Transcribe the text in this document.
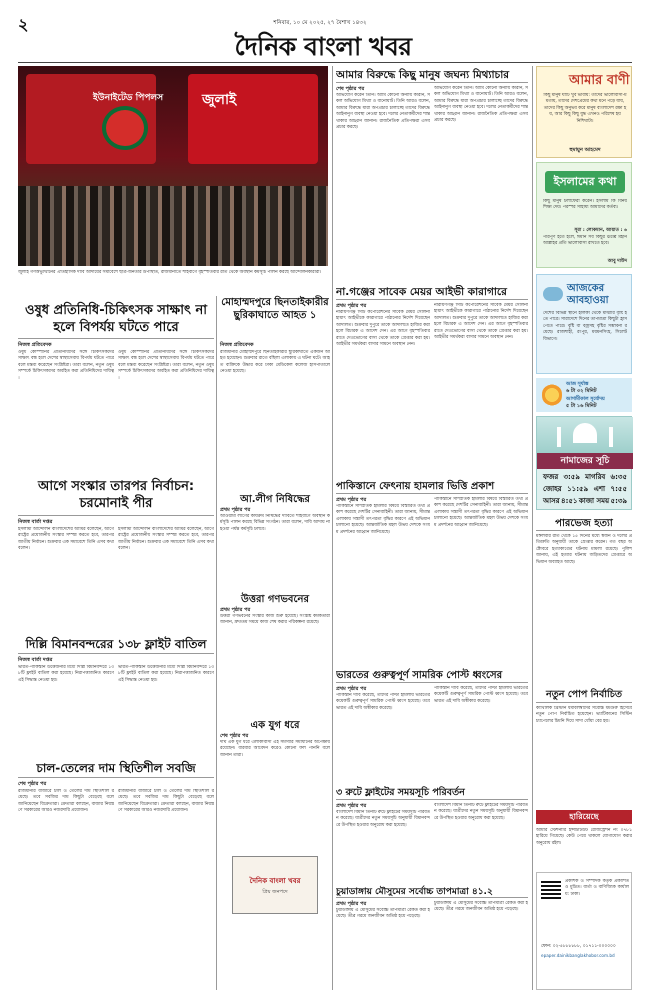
২	শনিবার, ১০ মে ২০২৫, ২৭ বৈশাখ ১৪৩২
দৈনিক বাংলা খবর
জুলাই
ইউনাইটেড পিপলস
জুলাই গণঅভ্যুত্থানের ঐতিহাসিক দাবি আদায়ের সমাবেশে ছাত্র-জনতার উপস্থিতি, রাজধানীতে শাহবাগে বৃহস্পতিবার রাত থেকে অবস্থান কর্মসূচি পালন করছে আন্দোলনকারীরা।
আমার বিরুদ্ধে কিছু মানুষ জঘন্য মিথ্যাচার
শেষ পৃষ্ঠার পর
অভিযোগ করেন তিনি। আমি কোনো অন্যায় করিনি, সকল অভিযোগ মিথ্যা ও বানোয়াট। তিনি আরও বলেন, আমার বিরুদ্ধে যারা অপপ্রচার চালাচ্ছে তাদের বিরুদ্ধে আইনানুগ ব্যবস্থা নেওয়া হবে। দলের নেতাকর্মীদের শান্ত থাকার আহ্বান জানান। রাজনৈতিক প্রতিপক্ষরা এসব প্রচার করছে।
অভিযোগ করেন তিনি। আমি কোনো অন্যায় করিনি, সকল অভিযোগ মিথ্যা ও বানোয়াট। তিনি আরও বলেন, আমার বিরুদ্ধে যারা অপপ্রচার চালাচ্ছে তাদের বিরুদ্ধে আইনানুগ ব্যবস্থা নেওয়া হবে। দলের নেতাকর্মীদের শান্ত থাকার আহ্বান জানান। রাজনৈতিক প্রতিপক্ষরা এসব প্রচার করছে।
না.গঞ্জের সাবেক মেয়র আইভী কারাগারে
প্রথম পৃষ্ঠার পর
নারায়ণগঞ্জ সিটি কর্পোরেশনের সাবেক মেয়র সেলিনা হায়াৎ আইভীকে কারাগারে পাঠানোর নির্দেশ দিয়েছেন আদালত। শুক্রবার দুপুরে তাকে আদালতে হাজির করা হলে বিচারক এ আদেশ দেন। এর আগে বৃহস্পতিবার রাতে দেওভোগের বাসা থেকে তাকে গ্রেপ্তার করা হয়। আইভীর সমর্থকরা বাসার সামনে অবস্থান নেন।
নারায়ণগঞ্জ সিটি কর্পোরেশনের সাবেক মেয়র সেলিনা হায়াৎ আইভীকে কারাগারে পাঠানোর নির্দেশ দিয়েছেন আদালত। শুক্রবার দুপুরে তাকে আদালতে হাজির করা হলে বিচারক এ আদেশ দেন। এর আগে বৃহস্পতিবার রাতে দেওভোগের বাসা থেকে তাকে গ্রেপ্তার করা হয়। আইভীর সমর্থকরা বাসার সামনে অবস্থান নেন।
ওষুধ প্রতিনিধি-চিকিৎসক সাক্ষাৎ না হলে বিপর্যয় ঘটতে পারে
নিজস্ব প্রতিবেদক
ওষুধ কোম্পানির প্রতিনিধিদের সঙ্গে চিকিৎসকদের সাক্ষাৎ বন্ধ হলে দেশের স্বাস্থ্যসেবায় বিপর্যয় ঘটতে পারে বলে মন্তব্য করেছেন সংশ্লিষ্টরা। তারা বলেন, নতুন ওষুধ সম্পর্কে চিকিৎসকদের অবহিত করা প্রতিনিধিদের দায়িত্ব।
ওষুধ কোম্পানির প্রতিনিধিদের সঙ্গে চিকিৎসকদের সাক্ষাৎ বন্ধ হলে দেশের স্বাস্থ্যসেবায় বিপর্যয় ঘটতে পারে বলে মন্তব্য করেছেন সংশ্লিষ্টরা। তারা বলেন, নতুন ওষুধ সম্পর্কে চিকিৎসকদের অবহিত করা প্রতিনিধিদের দায়িত্ব।
মোহাম্মদপুরে ছিনতাইকারীর ছুরিকাঘাতে আহত ১
নিজস্ব প্রতিবেদক
রাজধানীর মোহাম্মদপুরে ছিনতাইকারীর ছুরিকাঘাতে একজন আহত হয়েছেন। শুক্রবার রাতে বছিলা এলাকায় এ ঘটনা ঘটে। আহত ব্যক্তিকে উদ্ধার করে ঢাকা মেডিকেল কলেজ হাসপাতালে নেওয়া হয়েছে।
পাকিস্তানে ফেৎনায় হামলার ভিত্তি প্রকাশ
প্রথম পৃষ্ঠার পর
পাকিস্তানে সাম্প্রতিক হামলার বিষয়ে বিস্তারিত তথ্য প্রকাশ করেছে দেশটির সেনাবাহিনী। তারা জানায়, সীমান্ত এলাকায় সন্ত্রাসী তৎপরতা বৃদ্ধির কারণে এই অভিযান চালানো হয়েছে। আন্তর্জাতিক মহল উভয় দেশকে সংযম প্রদর্শনের আহ্বান জানিয়েছে।
পাকিস্তানে সাম্প্রতিক হামলার বিষয়ে বিস্তারিত তথ্য প্রকাশ করেছে দেশটির সেনাবাহিনী। তারা জানায়, সীমান্ত এলাকায় সন্ত্রাসী তৎপরতা বৃদ্ধির কারণে এই অভিযান চালানো হয়েছে। আন্তর্জাতিক মহল উভয় দেশকে সংযম প্রদর্শনের আহ্বান জানিয়েছে।
আগে সংস্কার তারপর নির্বাচন: চরমোনাই পীর
নিজস্ব বার্তা দপ্তর
ইসলামী আন্দোলন বাংলাদেশের আমির বলেছেন, আগে রাষ্ট্রের প্রয়োজনীয় সংস্কার সম্পন্ন করতে হবে, তারপর জাতীয় নির্বাচন। শুক্রবার এক সমাবেশে তিনি এসব কথা বলেন।
ইসলামী আন্দোলন বাংলাদেশের আমির বলেছেন, আগে রাষ্ট্রের প্রয়োজনীয় সংস্কার সম্পন্ন করতে হবে, তারপর জাতীয় নির্বাচন। শুক্রবার এক সমাবেশে তিনি এসব কথা বলেন।
আ.লীগ নিষিদ্ধের
প্রথম পৃষ্ঠার পর
আওয়ামী লীগের কার্যক্রম নিষিদ্ধের দাবিতে শাহবাগে অবস্থান কর্মসূচি পালন করছে বিভিন্ন সংগঠন। তারা বলেন, দাবি আদায় না হওয়া পর্যন্ত কর্মসূচি চলবে।
উত্তরা গণভবনের
প্রথম পৃষ্ঠার পর
উত্তরা গণভবনের সংস্কার কাজ শুরু হয়েছে। সংশ্লিষ্ট কর্মকর্তারা জানান, দ্রুততম সময়ে কাজ শেষ করার পরিকল্পনা রয়েছে।
ভারতের গুরুত্বপূর্ণ সামরিক পোস্ট ধ্বংসের
প্রথম পৃষ্ঠার পর
পাকিস্তান দাবি করেছে, তাদের পাল্টা হামলায় ভারতের কয়েকটি গুরুত্বপূর্ণ সামরিক পোস্ট ধ্বংস হয়েছে। তবে ভারত এই দাবি অস্বীকার করেছে।
পাকিস্তান দাবি করেছে, তাদের পাল্টা হামলায় ভারতের কয়েকটি গুরুত্বপূর্ণ সামরিক পোস্ট ধ্বংস হয়েছে। তবে ভারত এই দাবি অস্বীকার করেছে।
দিল্লি বিমানবন্দরের ১৩৮ ফ্লাইট বাতিল
নিজস্ব বার্তা দপ্তর
ভারত-পাকিস্তান উত্তেজনার মধ্যে দিল্লি বিমানবন্দরে ১৩৮টি ফ্লাইট বাতিল করা হয়েছে। নিরাপত্তাজনিত কারণে এই সিদ্ধান্ত নেওয়া হয়।
ভারত-পাকিস্তান উত্তেজনার মধ্যে দিল্লি বিমানবন্দরে ১৩৮টি ফ্লাইট বাতিল করা হয়েছে। নিরাপত্তাজনিত কারণে এই সিদ্ধান্ত নেওয়া হয়।
এক যুগ ধরে
শেষ পৃষ্ঠার পর
দীর্ঘ এক যুগ ধরে এলাকাবাসী এই সমস্যার সমাধানের অপেক্ষায় রয়েছেন। বারবার আবেদন করেও কোনো ফল পাননি বলে জানান তারা।
৩ রুটে ফ্লাইটের সময়সূচি পরিবর্তন
প্রথম পৃষ্ঠার পর
বাংলাদেশ বিমান তিনটি রুটে ফ্লাইটের সময়সূচি পরিবর্তন করেছে। যাত্রীদের নতুন সময়সূচি অনুযায়ী বিমানবন্দরে উপস্থিত হওয়ার অনুরোধ করা হয়েছে।
বাংলাদেশ বিমান তিনটি রুটে ফ্লাইটের সময়সূচি পরিবর্তন করেছে। যাত্রীদের নতুন সময়সূচি অনুযায়ী বিমানবন্দরে উপস্থিত হওয়ার অনুরোধ করা হয়েছে।
চুয়াডাঙ্গায় মৌসুমের সর্বোচ্চ তাপমাত্রা ৪১.২
প্রথম পৃষ্ঠার পর
চুয়াডাঙ্গায় এ মৌসুমের সর্বোচ্চ তাপমাত্রা রেকর্ড করা হয়েছে। তীব্র গরমে জনজীবন অতিষ্ঠ হয়ে পড়েছে।
চুয়াডাঙ্গায় এ মৌসুমের সর্বোচ্চ তাপমাত্রা রেকর্ড করা হয়েছে। তীব্র গরমে জনজীবন অতিষ্ঠ হয়ে পড়েছে।
চাল-তেলের দাম স্থিতিশীল সবজি
শেষ পৃষ্ঠার পর
রাজধানীর বাজারে চাল ও তেলের দাম স্থিতিশীল রয়েছে। তবে সবজির দাম কিছুটা বেড়েছে বলে জানিয়েছেন বিক্রেতারা। ক্রেতারা বলছেন, বাজার নিয়ন্ত্রণে সরকারের আরও নজরদারি প্রয়োজন।
রাজধানীর বাজারে চাল ও তেলের দাম স্থিতিশীল রয়েছে। তবে সবজির দাম কিছুটা বেড়েছে বলে জানিয়েছেন বিক্রেতারা। ক্রেতারা বলছেন, বাজার নিয়ন্ত্রণে সরকারের আরও নজরদারি প্রয়োজন।
দৈনিক বাংলা খবর
প্রিয় জনপদে
আমার বাণী
কিছু মানুষ ঘাটি খুব ভাবায়: তাদের ভালোবাসা-মমতায়, তাদের দেশপ্রেমের কথা মনে পড়ে যায়, তাদের কিছু অনুভব করে মানুষ বাংলাদেশ রক্ষা হয়, আর কিছু কিছু যুদ্ধ এখনও পরিশেষ হয় নিশিঘাটা।
হুমায়ুন আহমেদ
ইসলামের কথা
কিছু মানুষ চলাফেরা করেন। ইসলাম কি বিনয় শিক্ষা দেয়। পরস্পর সাহায্য আমাদের কর্তব্য।
সূরা : লোকমান, আয়াত : ৬
পরিপূর্ণ হতে হলে, ঈমান সব কিছুর ঊর্ধ্বে মহান আল্লাহর প্রতি ভালোবাসা রাখতে হবে।
আবু দাউদ
আজকের আবহাওয়া
দেশের বিভিন্ন স্থানে হালকা থেকে মাঝারি বৃষ্টি হতে পারে। সারাদেশে দিনের তাপমাত্রা কিছুটা হ্রাস পেতে পারে। বৃষ্টি বা বজ্রসহ বৃষ্টির সম্ভাবনা রয়েছে। রাজশাহী, রংপুর, ময়মনসিংহ, সিলেট বিভাগে।
আজ সূর্যাস্ত
৬ টা ৩২ মিনিট
আগামীকাল সূর্যোদয়
৫ টা ১৬ মিনিট
নামাজের সূচি
ফজর ৩:৫৯ মাগরিব ৬:৩৫
জোহর ১১:৫৯ এশা ৭:৫৫
আসর ৪:৫১ কাজা সময় ৫:৩৯
পারভেজ হত্যা
মঙ্গলবার রাত থেকে ১৫ দিনের মধ্যে স্বজন ও দলের প্রতিশ্রুতি অনুযায়ী তাকে গ্রেপ্তার করেন। গত বছর অক্টোবরে হত্যাকাণ্ডের ঘটনায় মামলা রয়েছে। পুলিশ জানায়, এই হত্যার ঘটনায় জড়িতদের গ্রেপ্তারে অভিযান অব্যাহত আছে।
নতুন পোপ নির্বাচিত
ক্যাথলিক খ্রিস্টান ধর্মাবলম্বীদের সর্বোচ্চ ধর্মগুরু হিসেবে নতুন পোপ নির্বাচিত হয়েছেন। ভ্যাটিকানের সিস্টিন চ্যাপেলের চিমনি দিয়ে সাদা ধোঁয়া বের হয়।
হারিয়েছে
আমার স্টেশনারি ইন্সটিটিউট রেজিস্ট্রেশন নং ০৭৮১ হারিয়ে গিয়েছে। কেউ পেয়ে থাকলে যোগাযোগ করার অনুরোধ রইল।
প্রকাশক ও সম্পাদক কর্তৃক প্রকাশিত ও মুদ্রিত। বার্তা ও বাণিজ্যিক কার্যালয়: ঢাকা।
ফোন: ০২-৫৮৮৮৮৮৮, ০১৭১১-০০০০০০
epaper.dainikbanglakhobor.com.bd
